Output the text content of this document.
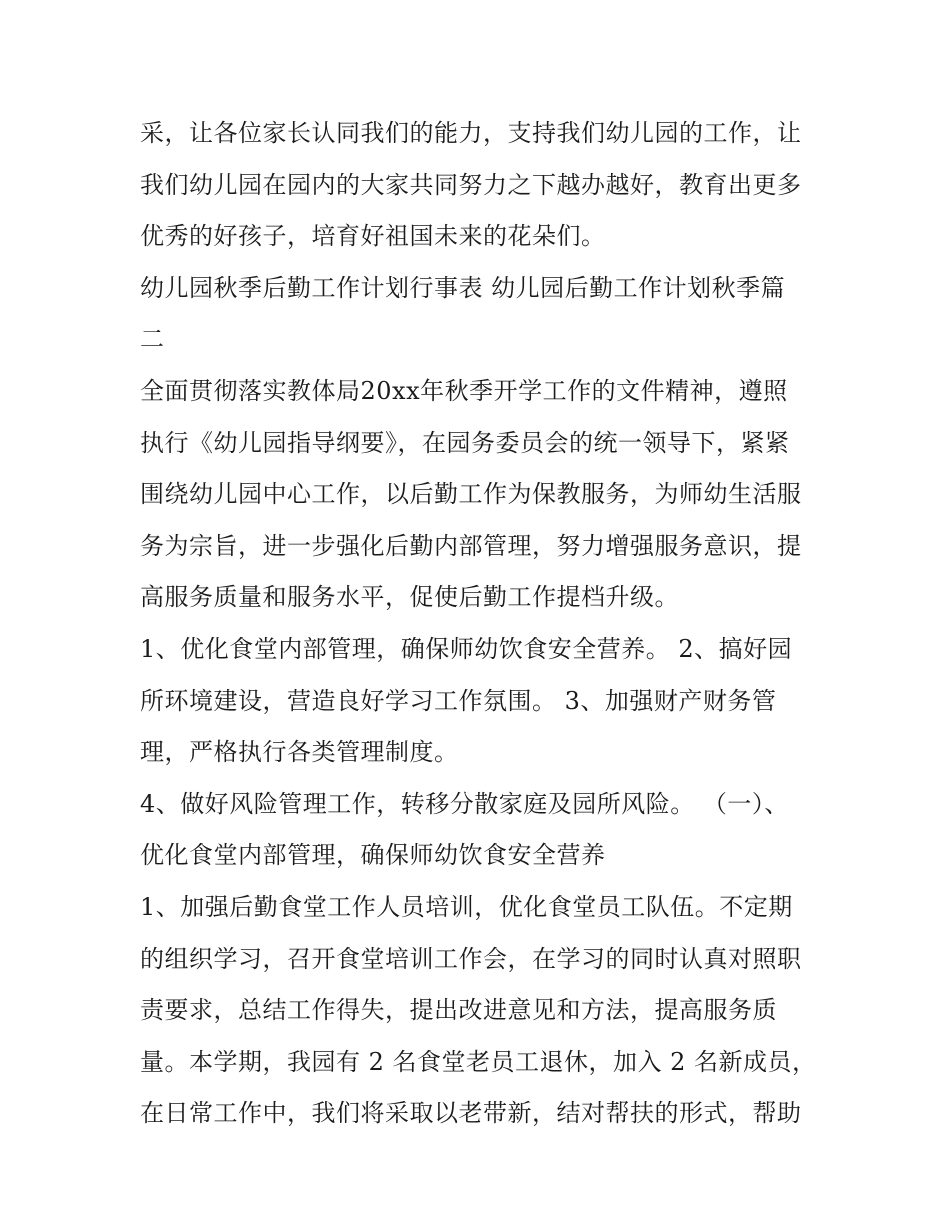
采，让各位家长认同我们的能力，支持我们幼儿园的工作，让
我们幼儿园在园内的大家共同努力之下越办越好，教育出更多
优秀的好孩子，培育好祖国未来的花朵们。
幼儿园秋季后勤工作计划行事表 幼儿园后勤工作计划秋季篇
二
全面贯彻落实教体局20xx年秋季开学工作的文件精神，遵照
执行《幼儿园指导纲要》，在园务委员会的统一领导下，紧紧
围绕幼儿园中心工作，以后勤工作为保教服务，为师幼生活服
务为宗旨，进一步强化后勤内部管理，努力增强服务意识，提
高服务质量和服务水平，促使后勤工作提档升级。
1、优化食堂内部管理，确保师幼饮食安全营养。 2、搞好园
所环境建设，营造良好学习工作氛围。 3、加强财产财务管
理，严格执行各类管理制度。
4、做好风险管理工作，转移分散家庭及园所风险。 （一）、
优化食堂内部管理，确保师幼饮食安全营养
1、加强后勤食堂工作人员培训，优化食堂员工队伍。不定期
的组织学习，召开食堂培训工作会，在学习的同时认真对照职
责要求，总结工作得失，提出改进意见和方法，提高服务质
量。本学期，我园有 2 名食堂老员工退休，加入 2 名新成员，
在日常工作中，我们将采取以老带新，结对帮扶的形式，帮助
